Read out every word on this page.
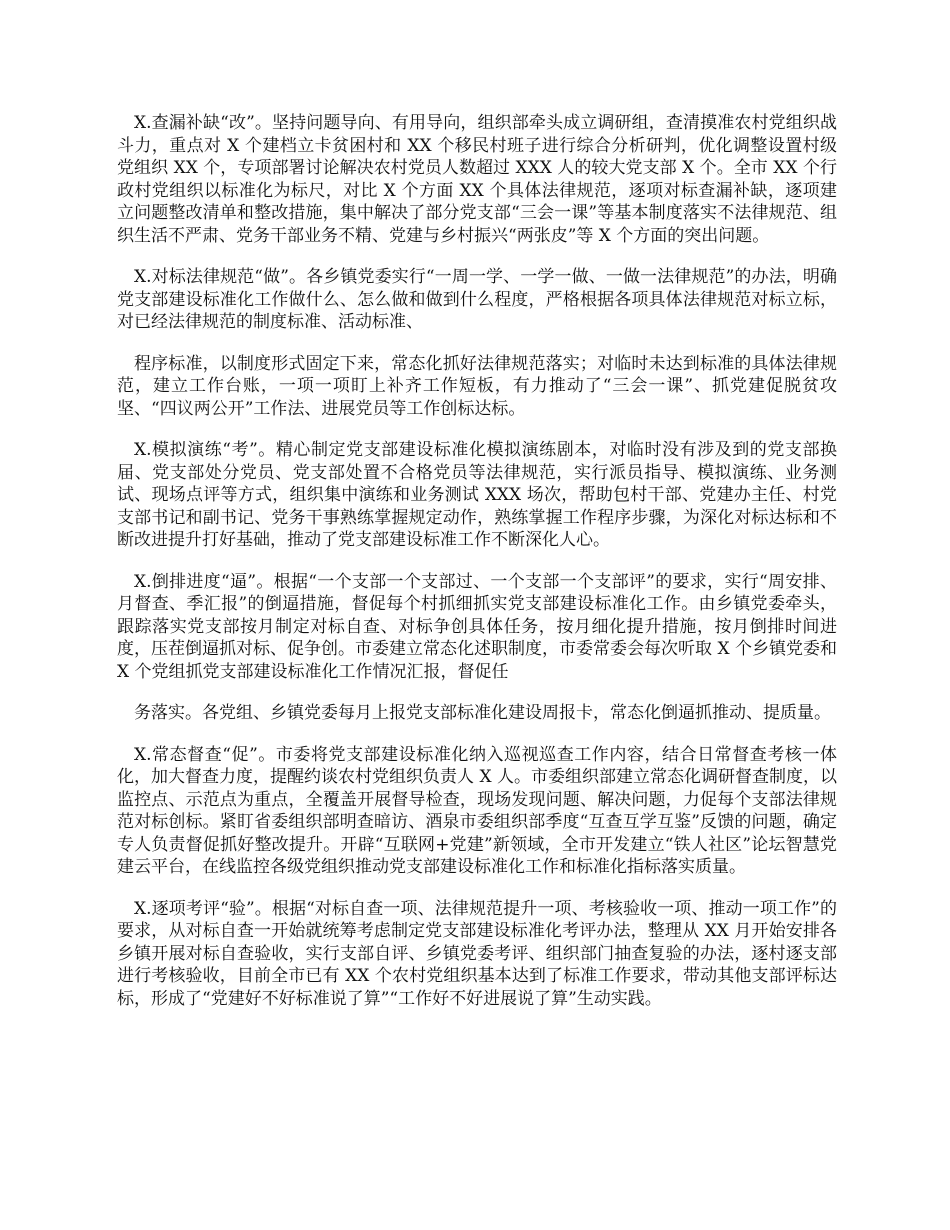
X.查漏补缺“改”。坚持问题导向、有用导向，组织部牵头成立调研组，查清摸准农村党组织战斗力，重点对 X 个建档立卡贫困村和 XX 个移民村班子进行综合分析研判，优化调整设置村级党组织 XX 个，专项部署讨论解决农村党员人数超过 XXX 人的较大党支部 X 个。全市 XX 个行政村党组织以标准化为标尺，对比 X 个方面 XX 个具体法律规范，逐项对标查漏补缺，逐项建立问题整改清单和整改措施，集中解决了部分党支部“三会一课”等基本制度落实不法律规范、组织生活不严肃、党务干部业务不精、党建与乡村振兴“两张皮”等 X 个方面的突出问题。

X.对标法律规范“做”。各乡镇党委实行“一周一学、一学一做、一做一法律规范”的办法，明确党支部建设标准化工作做什么、怎么做和做到什么程度，严格根据各项具体法律规范对标立标，对已经法律规范的制度标准、活动标准、

程序标准，以制度形式固定下来，常态化抓好法律规范落实；对临时未达到标准的具体法律规范，建立工作台账，一项一项盯上补齐工作短板，有力推动了“三会一课”、抓党建促脱贫攻坚、“四议两公开”工作法、进展党员等工作创标达标。

X.模拟演练“考”。精心制定党支部建设标准化模拟演练剧本，对临时没有涉及到的党支部换届、党支部处分党员、党支部处置不合格党员等法律规范，实行派员指导、模拟演练、业务测试、现场点评等方式，组织集中演练和业务测试 XXX 场次，帮助包村干部、党建办主任、村党支部书记和副书记、党务干事熟练掌握规定动作，熟练掌握工作程序步骤，为深化对标达标和不断改进提升打好基础，推动了党支部建设标准工作不断深化人心。

X.倒排进度“逼”。根据“一个支部一个支部过、一个支部一个支部评”的要求，实行“周安排、月督查、季汇报”的倒逼措施，督促每个村抓细抓实党支部建设标准化工作。由乡镇党委牵头，跟踪落实党支部按月制定对标自查、对标争创具体任务，按月细化提升措施，按月倒排时间进度，压茬倒逼抓对标、促争创。市委建立常态化述职制度，市委常委会每次听取 X 个乡镇党委和 X 个党组抓党支部建设标准化工作情况汇报，督促任

务落实。各党组、乡镇党委每月上报党支部标准化建设周报卡，常态化倒逼抓推动、提质量。

X.常态督查“促”。市委将党支部建设标准化纳入巡视巡查工作内容，结合日常督查考核一体化，加大督查力度，提醒约谈农村党组织负责人 X 人。市委组织部建立常态化调研督查制度，以监控点、示范点为重点，全覆盖开展督导检查，现场发现问题、解决问题，力促每个支部法律规范对标创标。紧盯省委组织部明查暗访、酒泉市委组织部季度“互查互学互鉴”反馈的问题，确定专人负责督促抓好整改提升。开辟“互联网+党建”新领域，全市开发建立“铁人社区”论坛智慧党建云平台，在线监控各级党组织推动党支部建设标准化工作和标准化指标落实质量。

X.逐项考评“验”。根据“对标自查一项、法律规范提升一项、考核验收一项、推动一项工作”的要求，从对标自查一开始就统筹考虑制定党支部建设标准化考评办法，整理从 XX 月开始安排各乡镇开展对标自查验收，实行支部自评、乡镇党委考评、组织部门抽查复验的办法，逐村逐支部进行考核验收，目前全市已有 XX 个农村党组织基本达到了标准工作要求，带动其他支部评标达标，形成了“党建好不好标准说了算”“工作好不好进展说了算”生动实践。
